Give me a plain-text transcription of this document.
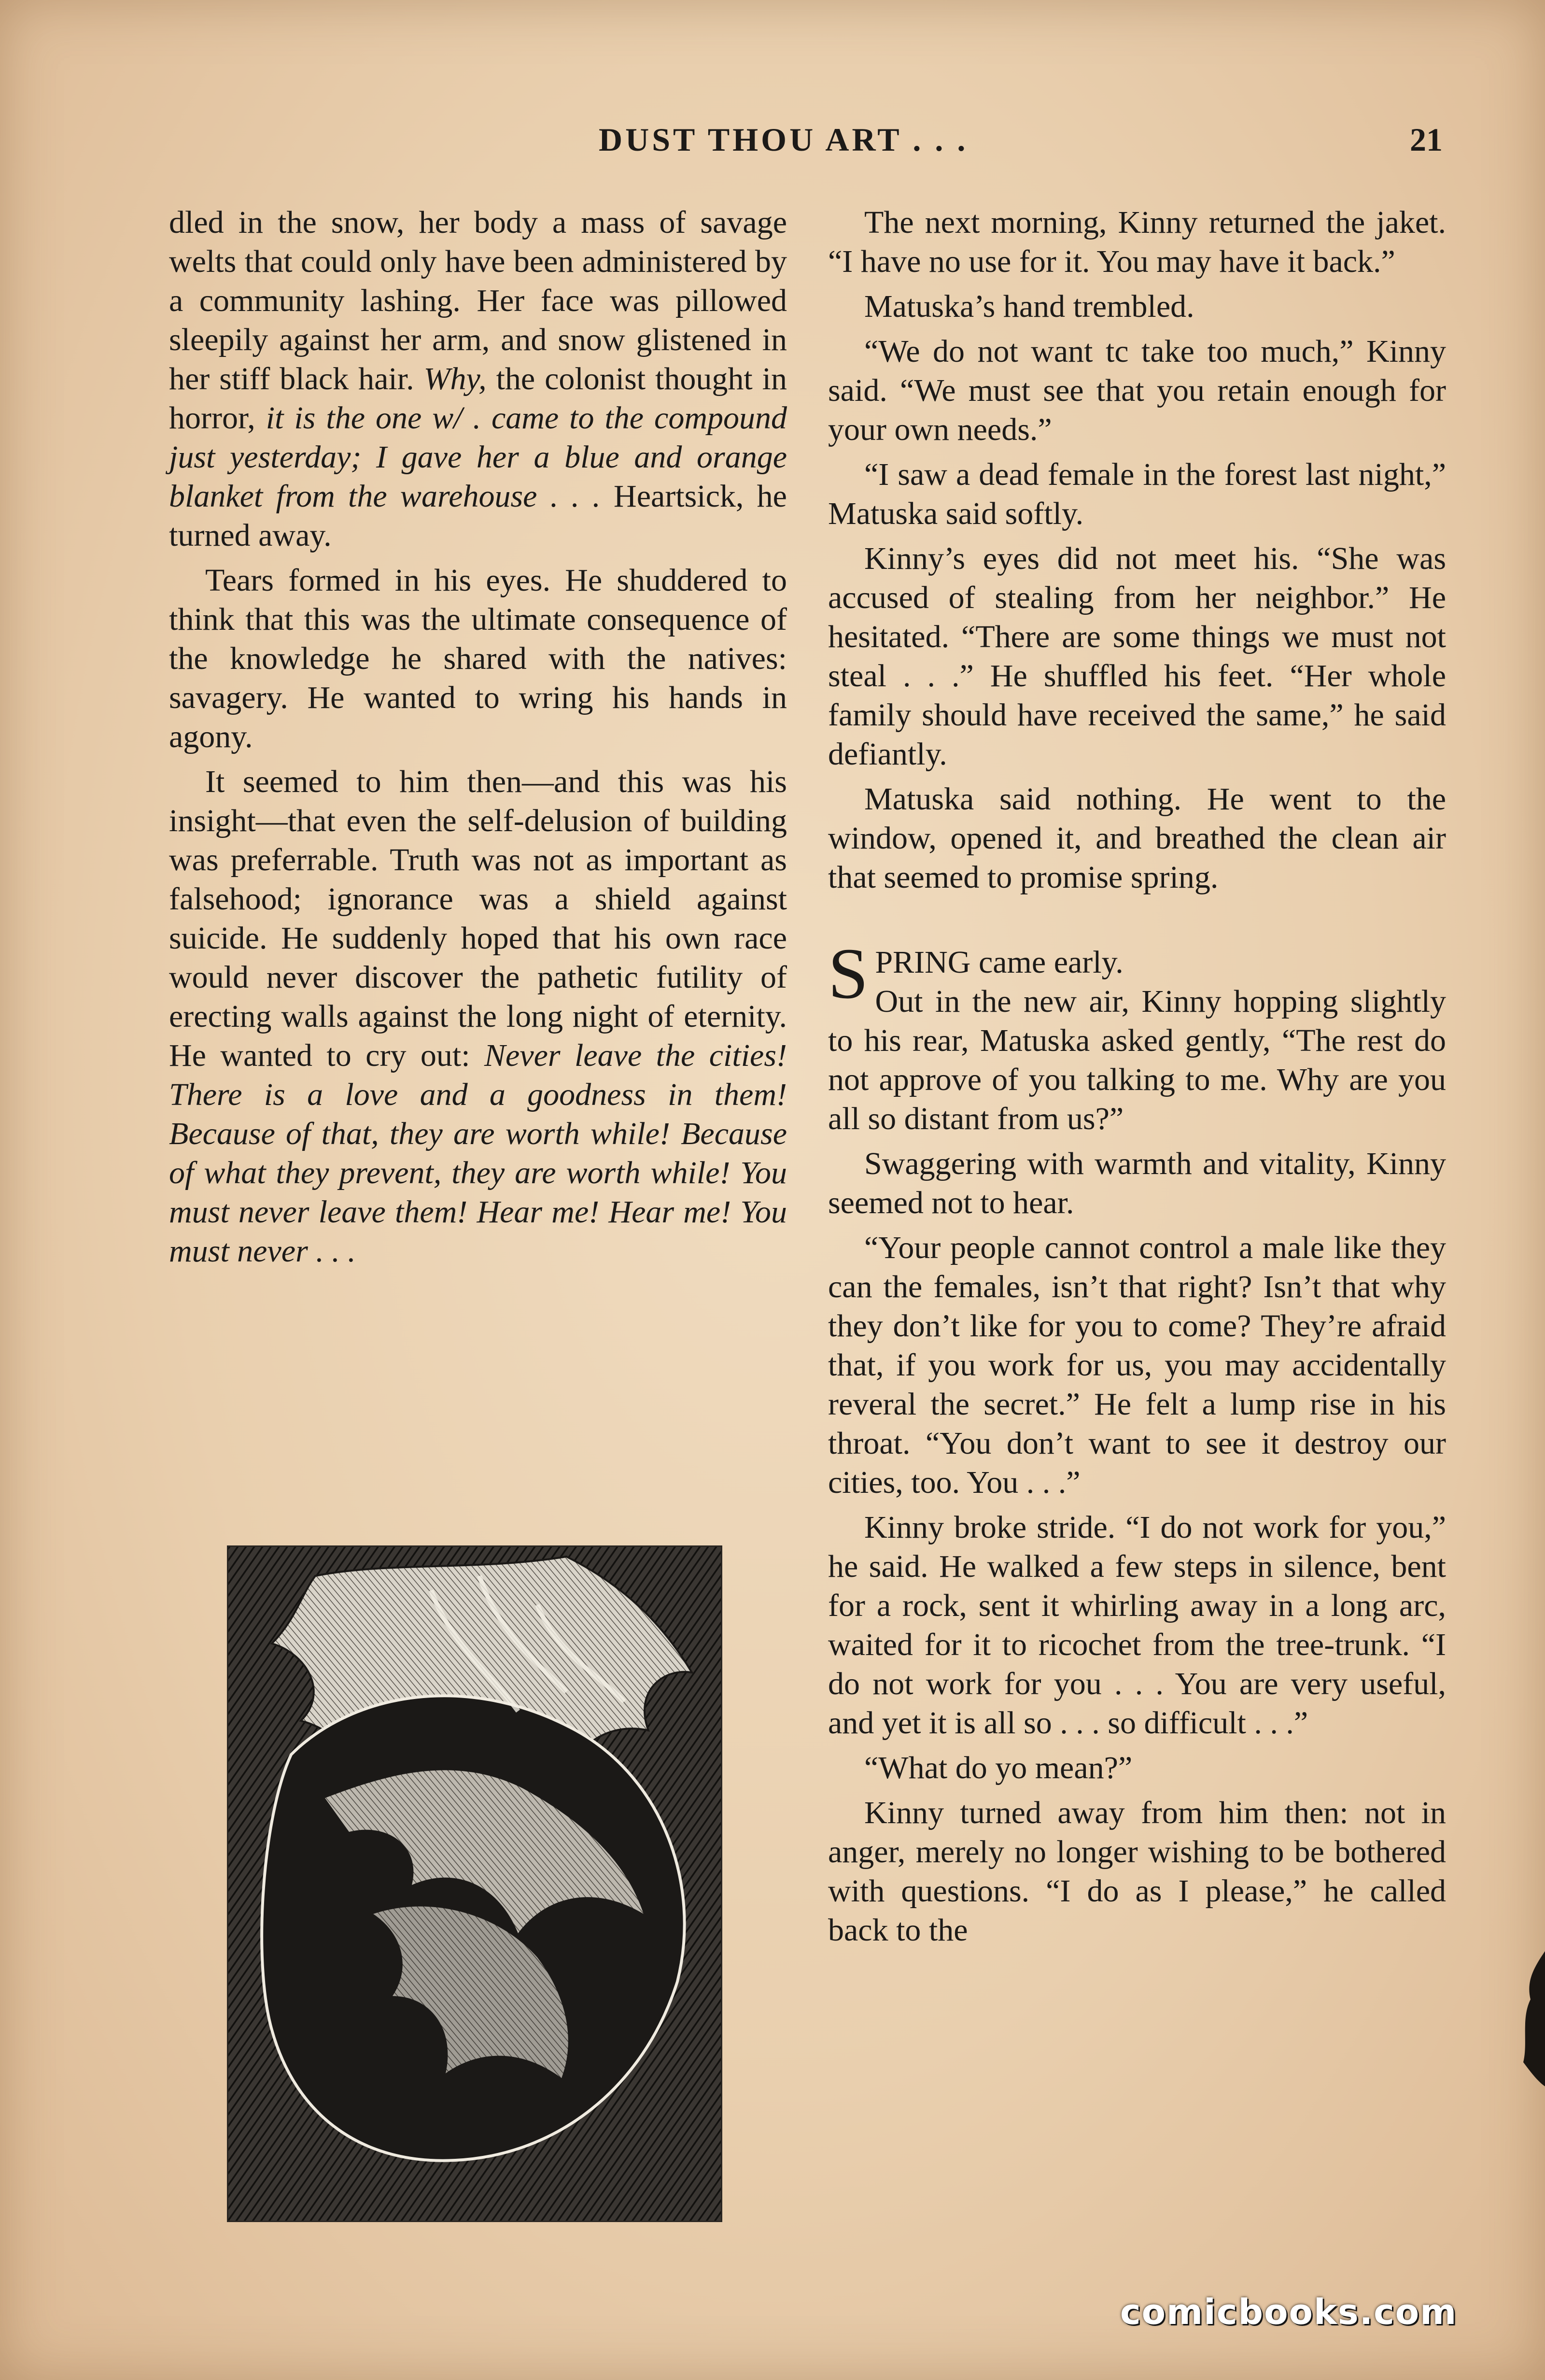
DUST THOU ART . . .	21

dled in the snow, her body a mass of savage welts that could only have been administered by a community lashing. Her face was pillowed sleepily against her arm, and snow glistened in her stiff black hair. Why, the colonist thought in horror, it is the one w/ . came to the compound just yesterday; I gave her a blue and orange blanket from the warehouse . . . Heartsick, he turned away.

Tears formed in his eyes. He shuddered to think that this was the ultimate consequence of the knowledge he shared with the natives: savagery. He wanted to wring his hands in agony.

It seemed to him then—and this was his insight—that even the self-delusion of building was preferrable. Truth was not as important as falsehood; ignorance was a shield against suicide. He suddenly hoped that his own race would never discover the pathetic futility of erecting walls against the long night of eternity. He wanted to cry out: Never leave the cities! There is a love and a goodness in them! Because of that, they are worth while! Because of what they prevent, they are worth while! You must never leave them! Hear me! Hear me! You must never . . .

The next morning, Kinny returned the jaket. “I have no use for it. You may have it back.”

Matuska’s hand trembled.

“We do not want tc take too much,” Kinny said. “We must see that you retain enough for your own needs.”

“I saw a dead female in the forest last night,” Matuska said softly.

Kinny’s eyes did not meet his. “She was accused of stealing from her neighbor.” He hesitated. “There are some things we must not steal . . .” He shuffled his feet. “Her whole family should have received the same,” he said defiantly.

Matuska said nothing. He went to the window, opened it, and breathed the clean air that seemed to promise spring.

SPRING came early.
Out in the new air, Kinny hopping slightly to his rear, Matuska asked gently, “The rest do not approve of you talking to me. Why are you all so distant from us?”

Swaggering with warmth and vitality, Kinny seemed not to hear.

“Your people cannot control a male like they can the females, isn’t that right? Isn’t that why they don’t like for you to come? They’re afraid that, if you work for us, you may accidentally reveral the secret.” He felt a lump rise in his throat. “You don’t want to see it destroy our cities, too. You . . .”

Kinny broke stride. “I do not work for you,” he said. He walked a few steps in silence, bent for a rock, sent it whirling away in a long arc, waited for it to ricochet from the tree-trunk. “I do not work for you . . . You are very useful, and yet it is all so . . . so difficult . . .”

“What do yo mean?”

Kinny turned away from him then: not in anger, merely no longer wishing to be bothered with questions. “I do as I please,” he called back to the

comicbooks.com
